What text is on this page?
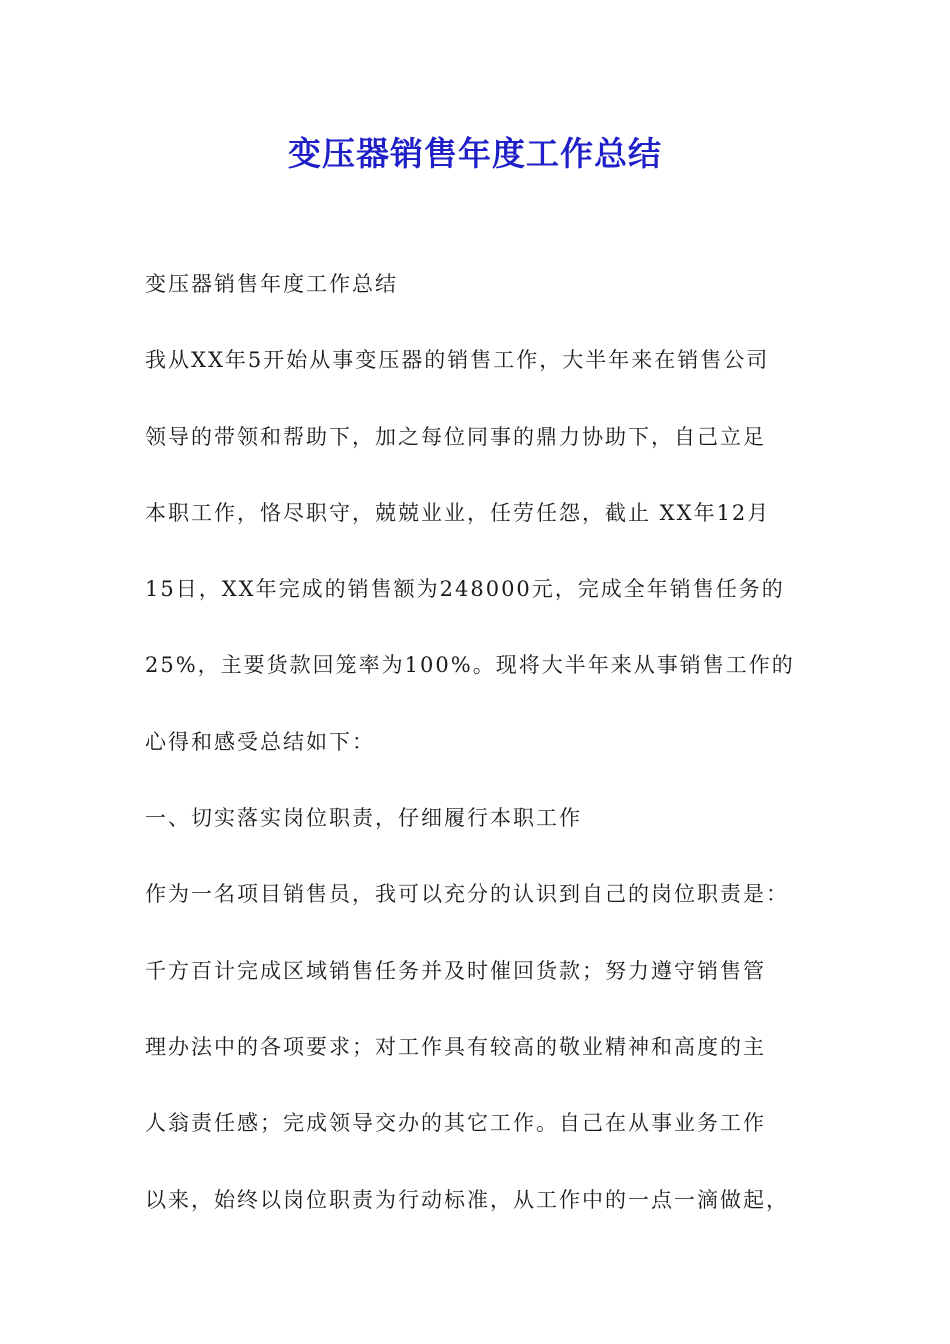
变压器销售年度工作总结
变压器销售年度工作总结
我从XX年5开始从事变压器的销售工作，大半年来在销售公司
领导的带领和帮助下，加之每位同事的鼎力协助下，自己立足
本职工作，恪尽职守，兢兢业业，任劳任怨，截止 XX年12月
15日，XX年完成的销售额为248000元，完成全年销售任务的
25%，主要货款回笼率为100%。现将大半年来从事销售工作的
心得和感受总结如下：
一、切实落实岗位职责，仔细履行本职工作
作为一名项目销售员，我可以充分的认识到自己的岗位职责是：
千方百计完成区域销售任务并及时催回货款；努力遵守销售管
理办法中的各项要求；对工作具有较高的敬业精神和高度的主
人翁责任感；完成领导交办的其它工作。自己在从事业务工作
以来，始终以岗位职责为行动标准，从工作中的一点一滴做起，
